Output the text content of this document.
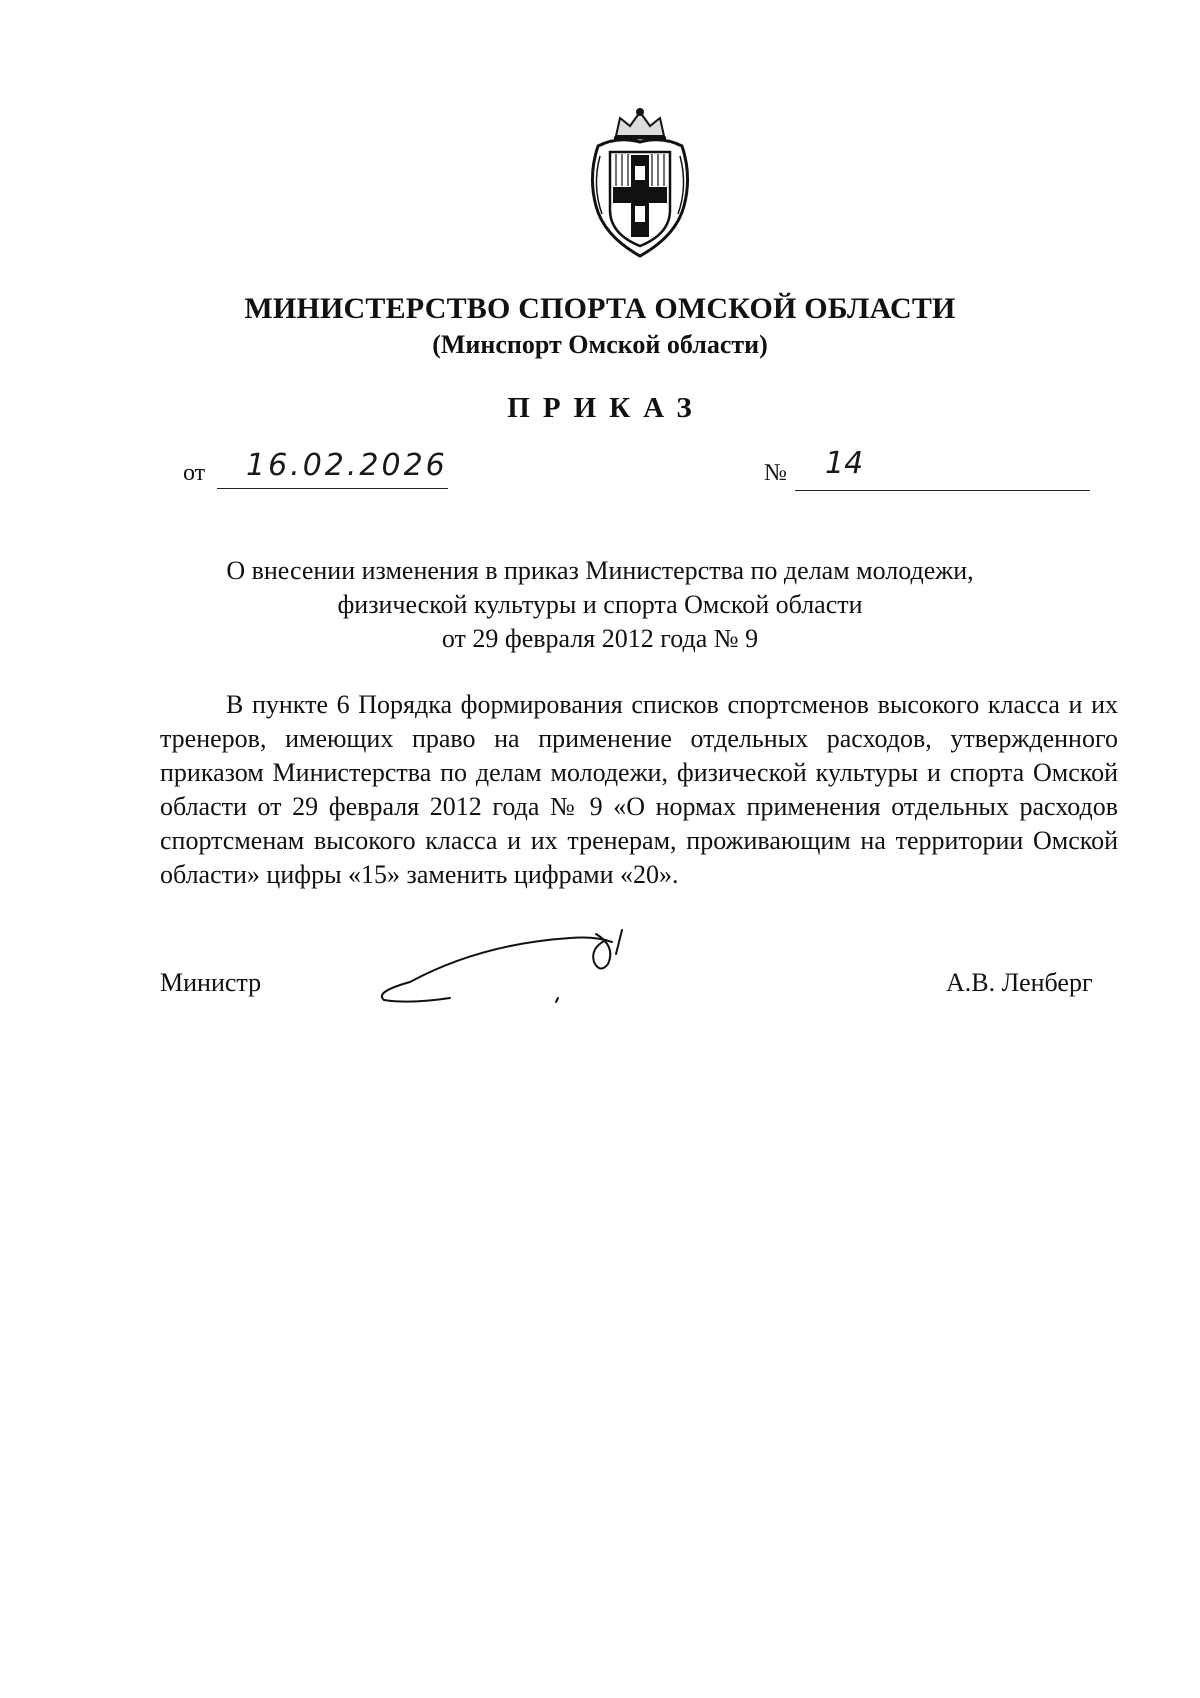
МИНИСТЕРСТВО СПОРТА ОМСКОЙ ОБЛАСТИ
(Минспорт Омской области)
ПРИКАЗ
от 16.02.2026	№ 14
О внесении изменения в приказ Министерства по делам молодежи,
физической культуры и спорта Омской области
от 29 февраля 2012 года № 9
В пункте 6 Порядка формирования списков спортсменов высокого класса и их тренеров, имеющих право на применение отдельных расходов, утвержденного приказом Министерства по делам молодежи, физической культуры и спорта Омской области от 29 февраля 2012 года № 9 «О нормах применения отдельных расходов спортсменам высокого класса и их тренерам, проживающим на территории Омской области» цифры «15» заменить цифрами «20».
Министр	А.В. Ленберг
